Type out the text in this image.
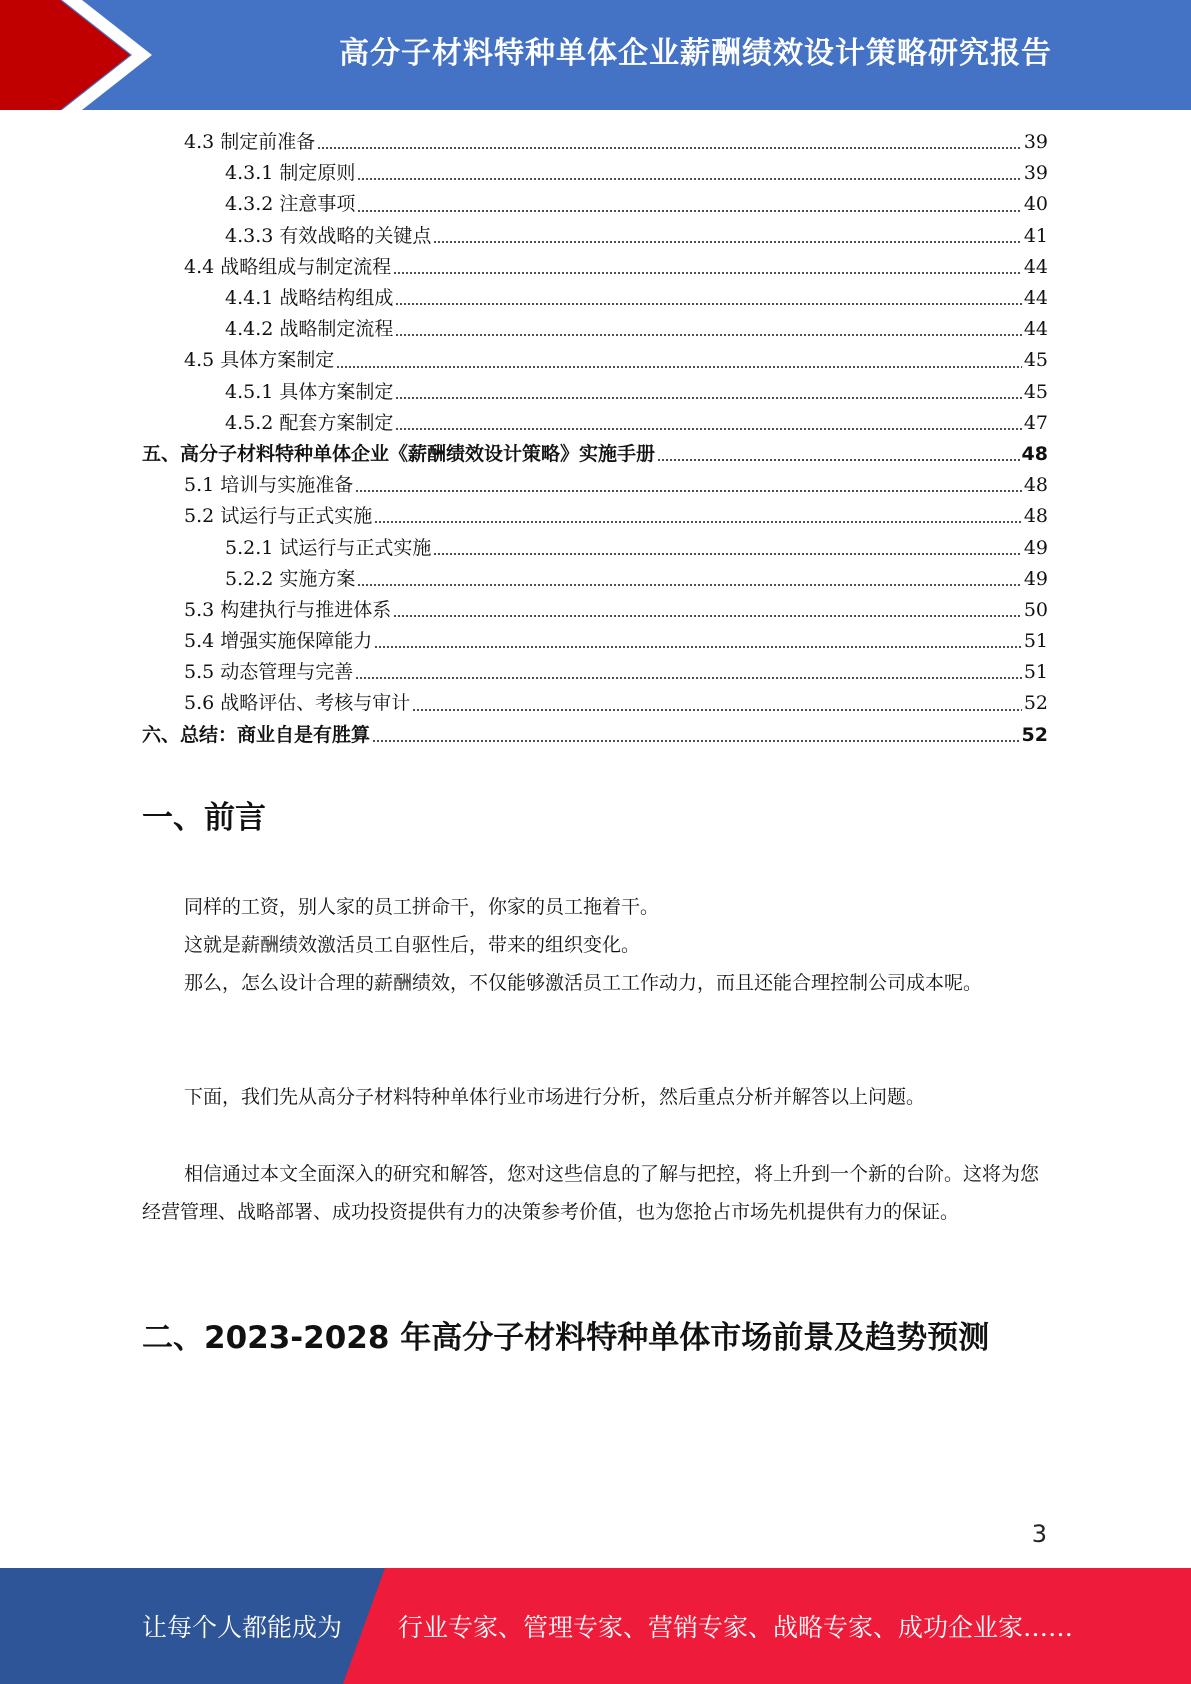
高分子材料特种单体企业薪酬绩效设计策略研究报告
4.3 制定前准备	39
4.3.1 制定原则	39
4.3.2 注意事项	40
4.3.3 有效战略的关键点	41
4.4 战略组成与制定流程	44
4.4.1 战略结构组成	44
4.4.2 战略制定流程	44
4.5 具体方案制定	45
4.5.1 具体方案制定	45
4.5.2 配套方案制定	47
五、高分子材料特种单体企业《薪酬绩效设计策略》实施手册	48
5.1 培训与实施准备	48
5.2 试运行与正式实施	48
5.2.1 试运行与正式实施	49
5.2.2 实施方案	49
5.3 构建执行与推进体系	50
5.4 增强实施保障能力	51
5.5 动态管理与完善	51
5.6 战略评估、考核与审计	52
六、总结：商业自是有胜算	52
一、前言

同样的工资，别人家的员工拼命干，你家的员工拖着干。

这就是薪酬绩效激活员工自驱性后，带来的组织变化。

那么，怎么设计合理的薪酬绩效，不仅能够激活员工工作动力，而且还能合理控制公司成本呢。

下面，我们先从高分子材料特种单体行业市场进行分析，然后重点分析并解答以上问题。

相信通过本文全面深入的研究和解答，您对这些信息的了解与把控，将上升到一个新的台阶。这将为您经营管理、战略部署、成功投资提供有力的决策参考价值，也为您抢占市场先机提供有力的保证。

二、2023-2028 年高分子材料特种单体市场前景及趋势预测
3
让每个人都能成为 行业专家、管理专家、营销专家、战略专家、成功企业家……
